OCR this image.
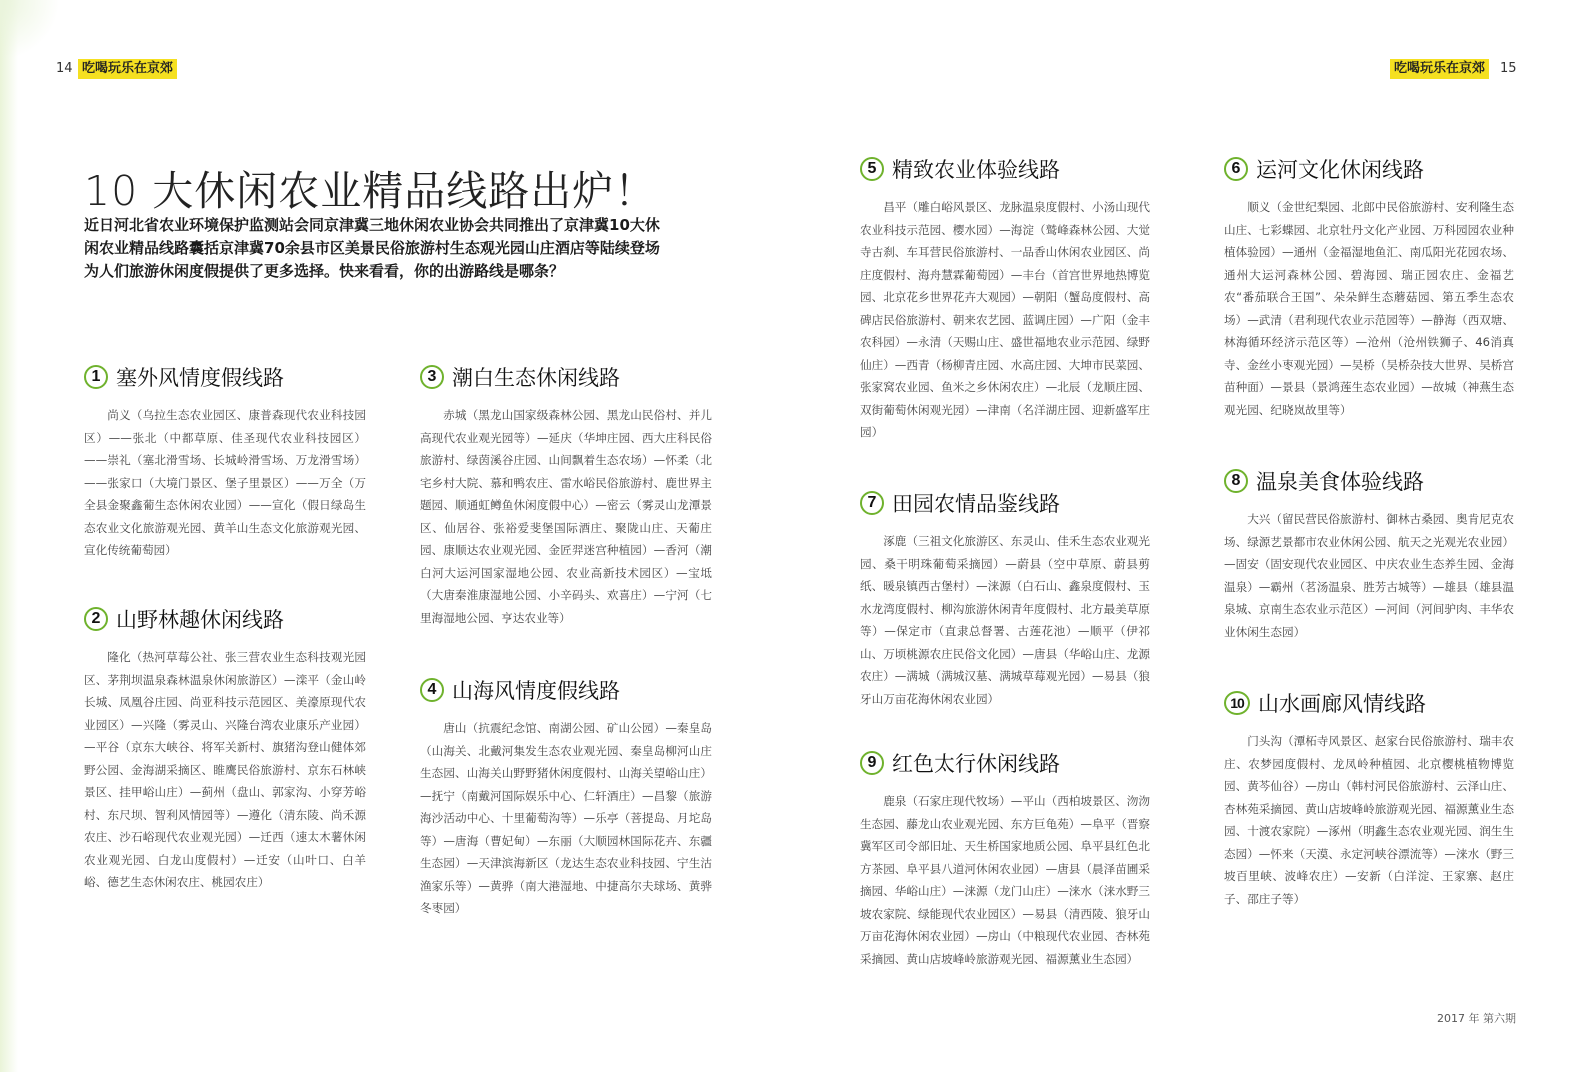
14 吃喝玩乐在京郊	吃喝玩乐在京郊	15
10 大休闲农业精品线路出炉！

近日河北省农业环境保护监测站会同京津冀三地休闲农业协会共同推出了京津冀10大休闲农业精品线路囊括京津冀70余县市区美景民俗旅游村生态观光园山庄酒店等陆续登场为人们旅游休闲度假提供了更多选择。快来看看，你的出游路线是哪条？

1 塞外风情度假线路

尚义（乌拉生态农业园区、康普森现代农业科技园区）——张北（中都草原、佳圣现代农业科技园区）——崇礼（塞北滑雪场、长城岭滑雪场、万龙滑雪场）——张家口（大境门景区、堡子里景区）——万全（万全县金聚鑫葡生态休闲农业园）——宣化（假日绿岛生态农业文化旅游观光园、黄羊山生态文化旅游观光园、宣化传统葡萄园）

2 山野林趣休闲线路

隆化（热河草莓公社、张三营农业生态科技观光园区、茅荆坝温泉森林温泉休闲旅游区）—滦平（金山岭长城、凤凰谷庄园、尚亚科技示范园区、美濠原现代农业园区）—兴隆（雾灵山、兴隆台湾农业康乐产业园）—平谷（京东大峡谷、将军关新村、旗猪沟登山健体郊野公园、金海湖采摘区、睢鹰民俗旅游村、京东石林峡景区、挂甲峪山庄）—蓟州（盘山、郭家沟、小穿芳峪村、东尺坝、智利风情园等）—遵化（清东陵、尚禾源农庄、沙石峪现代农业观光园）—迁西（速太木薯休闲农业观光园、白龙山度假村）—迁安（山叶口、白羊峪、德艺生态休闲农庄、桃园农庄）

3 潮白生态休闲线路

赤城（黑龙山国家级森林公园、黑龙山民俗村、并儿高现代农业观光园等）—延庆（华坤庄园、西大庄科民俗旅游村、绿茵溪谷庄园、山间飘着生态农场）—怀柔（北宅乡村大院、慕和鸭农庄、雷水峪民俗旅游村、鹿世界主题园、顺通虹鳟鱼休闲度假中心）—密云（雾灵山龙潭景区、仙居谷、张裕爱斐堡国际酒庄、聚陇山庄、天葡庄园、康顺达农业观光园、金匠羿迷宫种植园）—香河（潮白河大运河国家湿地公园、农业高新技术园区）—宝坻（大唐秦淮康湿地公园、小辛码头、欢喜庄）—宁河（七里海湿地公园、亨达农业等）

4 山海风情度假线路

唐山（抗震纪念馆、南湖公园、矿山公园）—秦皇岛（山海关、北戴河集发生态农业观光园、秦皇岛柳河山庄生态园、山海关山野野猪休闲度假村、山海关望峪山庄）—抚宁（南戴河国际娱乐中心、仁轩酒庄）—昌黎（旅游海沙活动中心、十里葡萄沟等）—乐亭（菩提岛、月坨岛等）—唐海（曹妃甸）—东丽（大顺园林国际花卉、东疆生态园）—天津滨海新区（龙达生态农业科技园、宁生沽渔家乐等）—黄骅（南大港湿地、中捷高尔夫球场、黄骅冬枣园）

5 精致农业体验线路

昌平（雕白峪风景区、龙脉温泉度假村、小汤山现代农业科技示范园、樱水园）—海淀（鹫峰森林公园、大觉寺古刹、车耳营民俗旅游村、一品香山休闲农业园区、尚庄度假村、海舟慧霖葡萄园）—丰台（首宫世界地热博览园、北京花乡世界花卉大观园）—朝阳（蟹岛度假村、高碑店民俗旅游村、朝来农艺园、蓝调庄园）—广阳（金丰农科园）—永清（天赐山庄、盛世福地农业示范园、绿野仙庄）—西青（杨柳青庄园、水高庄园、大坤市民菜园、张家窝农业园、鱼米之乡休闲农庄）—北辰（龙顺庄园、双街葡萄休闲观光园）—津南（名洋湖庄园、迎新盛军庄园）

7 田园农情品鉴线路

涿鹿（三祖文化旅游区、东灵山、佳禾生态农业观光园、桑干明珠葡萄采摘园）—蔚县（空中草原、蔚县剪纸、暖泉镇西古堡村）—涞源（白石山、鑫泉度假村、玉水龙湾度假村、柳沟旅游休闲青年度假村、北方最美草原等）—保定市（直隶总督署、古莲花池）—顺平（伊祁山、万顷桃源农庄民俗文化园）—唐县（华峪山庄、龙源农庄）—满城（满城汉墓、满城草莓观光园）—易县（狼牙山万亩花海休闲农业园）

9 红色太行休闲线路

鹿泉（石家庄现代牧场）—平山（西柏坡景区、沕沕生态园、藤龙山农业观光园、东方巨龟苑）—阜平（晋察冀军区司令部旧址、天生桥国家地质公园、阜平县红色北方茶园、阜平县八道河休闲农业园）—唐县（晨泽苗圃采摘园、华峪山庄）—涞源（龙门山庄）—涞水（涞水野三坡农家院、绿能现代农业园区）—易县（清西陵、狼牙山万亩花海休闲农业园）—房山（中粮现代农业园、杏林苑采摘园、黄山店坡峰岭旅游观光园、福源薰业生态园）

6 运河文化休闲线路

顺义（金世纪梨园、北郎中民俗旅游村、安利隆生态山庄、七彩蝶园、北京牡丹文化产业园、万科园园农业种植体验园）—通州（金福湿地鱼汇、南瓜阳光花园农场、通州大运河森林公园、碧海园、瑞正园农庄、金福艺农“番茄联合王国”、朵朵鲜生态蘑菇园、第五季生态农场）—武清（君利现代农业示范园等）—静海（西双塘、林海循环经济示范区等）—沧州（沧州铁狮子、46消真寺、金丝小枣观光园）—吴桥（吴桥杂技大世界、吴桥宫苗种面）—景县（景鸿莲生态农业园）—故城（神燕生态观光园、纪晓岚故里等）

8 温泉美食体验线路

大兴（留民营民俗旅游村、御林古桑园、奥肯尼克农场、绿源艺景都市农业休闲公园、航天之光观光农业园）—固安（固安现代农业园区、中庆农业生态养生园、金海温泉）—霸州（茗汤温泉、胜芳古城等）—雄县（雄县温泉城、京南生态农业示范区）—河间（河间驴肉、丰华农业休闲生态园）

10 山水画廊风情线路

门头沟（潭柘寺风景区、赵家台民俗旅游村、瑞丰农庄、农梦园度假村、龙凤岭种植园、北京樱桃植物博览园、黄芩仙谷）—房山（韩村河民俗旅游村、云泽山庄、杏林苑采摘园、黄山店坡峰岭旅游观光园、福源薰业生态园、十渡农家院）—涿州（明鑫生态农业观光园、润生生态园）—怀来（天漠、永定河峡谷漂流等）—涞水（野三坡百里峡、波峰农庄）—安新（白洋淀、王家寨、赵庄子、邵庄子等）

2017 年 第六期
